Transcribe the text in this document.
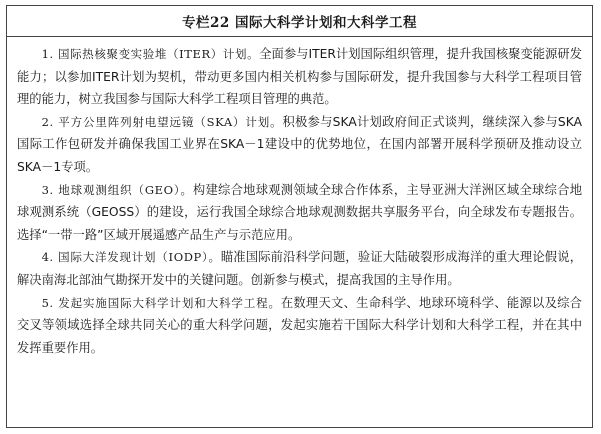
专栏22 国际大科学计划和大科学工程

1. 国际热核聚变实验堆（ITER）计划。全面参与ITER计划国际组织管理，提升我国核聚变能源研发能力；以参加ITER计划为契机，带动更多国内相关机构参与国际研发，提升我国参与大科学工程项目管理的能力，树立我国参与国际大科学工程项目管理的典范。

2. 平方公里阵列射电望远镜（SKA）计划。积极参与SKA计划政府间正式谈判，继续深入参与SKA国际工作包研发并确保我国工业界在SKA－1建设中的优势地位，在国内部署开展科学预研及推动设立SKA－1专项。

3. 地球观测组织（GEO）。构建综合地球观测领域全球合作体系，主导亚洲大洋洲区域全球综合地球观测系统（GEOSS）的建设，运行我国全球综合地球观测数据共享服务平台，向全球发布专题报告。选择“一带一路”区域开展遥感产品生产与示范应用。

4. 国际大洋发现计划（IODP）。瞄准国际前沿科学问题，验证大陆破裂形成海洋的重大理论假说，解决南海北部油气勘探开发中的关键问题。创新参与模式，提高我国的主导作用。

5. 发起实施国际大科学计划和大科学工程。在数理天文、生命科学、地球环境科学、能源以及综合交叉等领域选择全球共同关心的重大科学问题，发起实施若干国际大科学计划和大科学工程，并在其中发挥重要作用。
